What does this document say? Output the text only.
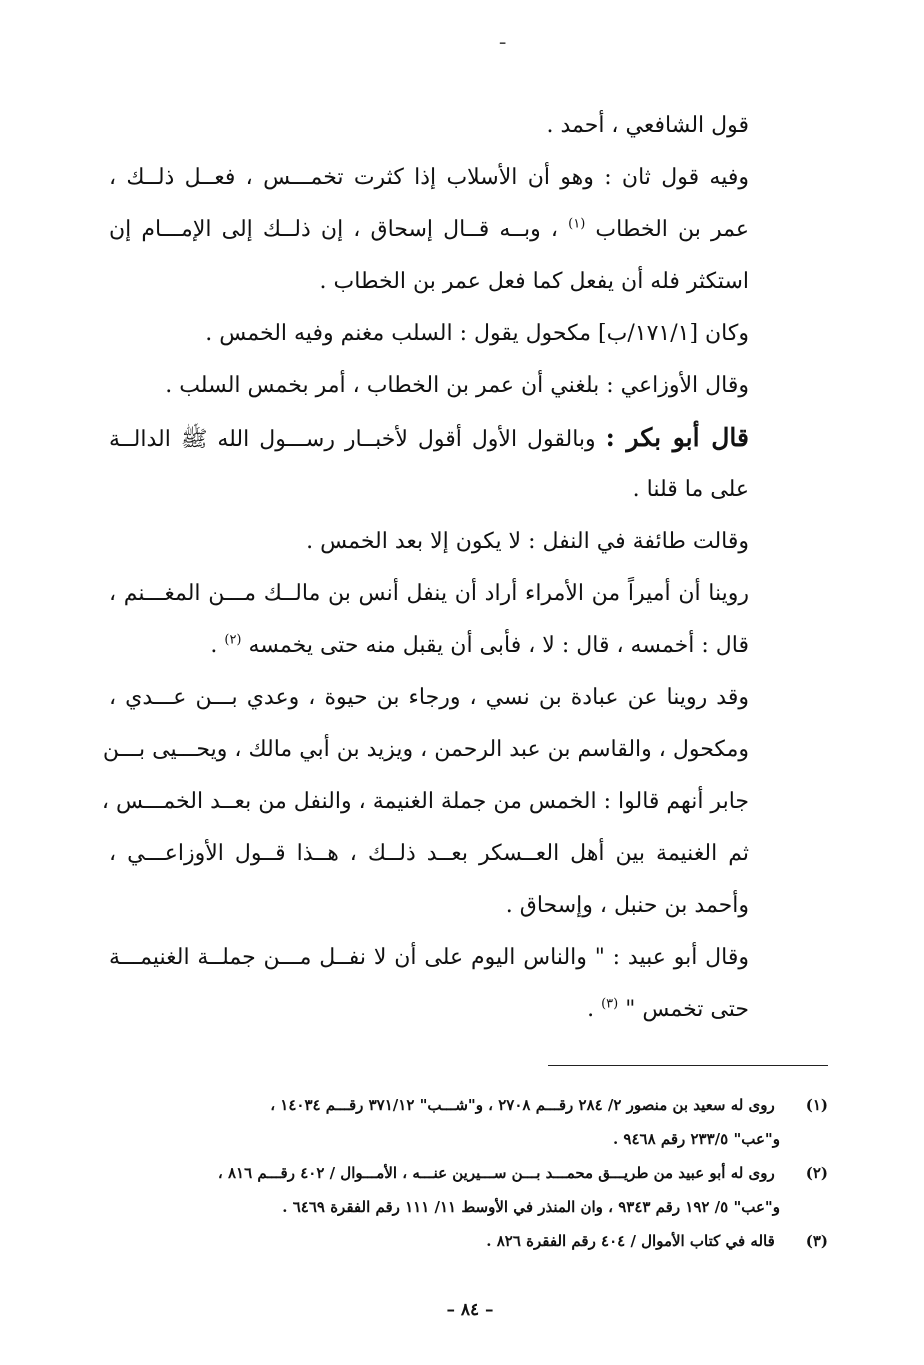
ـ
قول الشافعي ، أحمد .
وفيه قول ثان : وهو أن الأسلاب إذا كثرت تخمـــس ، فعــل ذلــك ،
عمر بن الخطاب $^{(١)}$ ، وبــه قــال إسحاق ، إن ذلــك إلى الإمـــام إن
استكثر فله أن يفعل كما فعل عمر بن الخطاب .
وكان [١٧١/١/ب] مكحول يقول : السلب مغنم وفيه الخمس .
وقال الأوزاعي : بلغني أن عمر بن الخطاب ، أمر بخمس السلب .
قال أبو بكر : وبالقول الأول أقول لأخبــار رســـول الله ﷺ الدالــة
على ما قلنا .
وقالت طائفة في النفل : لا يكون إلا بعد الخمس .
روينا أن أميراً من الأمراء أراد أن ينفل أنس بن مالــك مـــن المغـــنم ،
قال : أخمسه ، قال : لا ، فأبى أن يقبل منه حتى يخمسه $^{(٢)}$ .
وقد روينا عن عبادة بن نسي ، ورجاء بن حيوة ، وعدي بـــن عـــدي ،
ومكحول ، والقاسم بن عبد الرحمن ، ويزيد بن أبي مالك ، ويحـــيى بـــن
جابر أنهم قالوا : الخمس من جملة الغنيمة ، والنفل من بعــد الخمـــس ،
ثم الغنيمة بين أهل العــسكر بعــد ذلــك ، هــذا قــول الأوزاعـــي ،
وأحمد بن حنبل ، وإسحاق .
وقال أبو عبيد : " والناس اليوم على أن لا نفــل مـــن جملــة الغنيمـــة
حتى تخمس " $^{(٣)}$ .
(١) روى له سعيد بن منصور ٢/ ٢٨٤ رقـــم ٢٧٠٨ ، و"شـــب" ٣٧١/١٢ رقـــم ١٤٠٣٤ ،
و"عب" ٢٣٣/٥ رقم ٩٤٦٨ .
(٢) روى له أبو عبيد من طريـــق محمـــد بـــن ســـيرين عنـــه ، الأمـــوال / ٤٠٢ رقـــم ٨١٦ ،
و"عب" ٥/ ١٩٢ رقم ٩٣٤٣ ، وان المنذر في الأوسط ١١/ ١١١ رقم الفقرة ٦٤٦٩ .
(٣) قاله في كتاب الأموال / ٤٠٤ رقم الفقرة ٨٢٦ .
– ٨٤ –
